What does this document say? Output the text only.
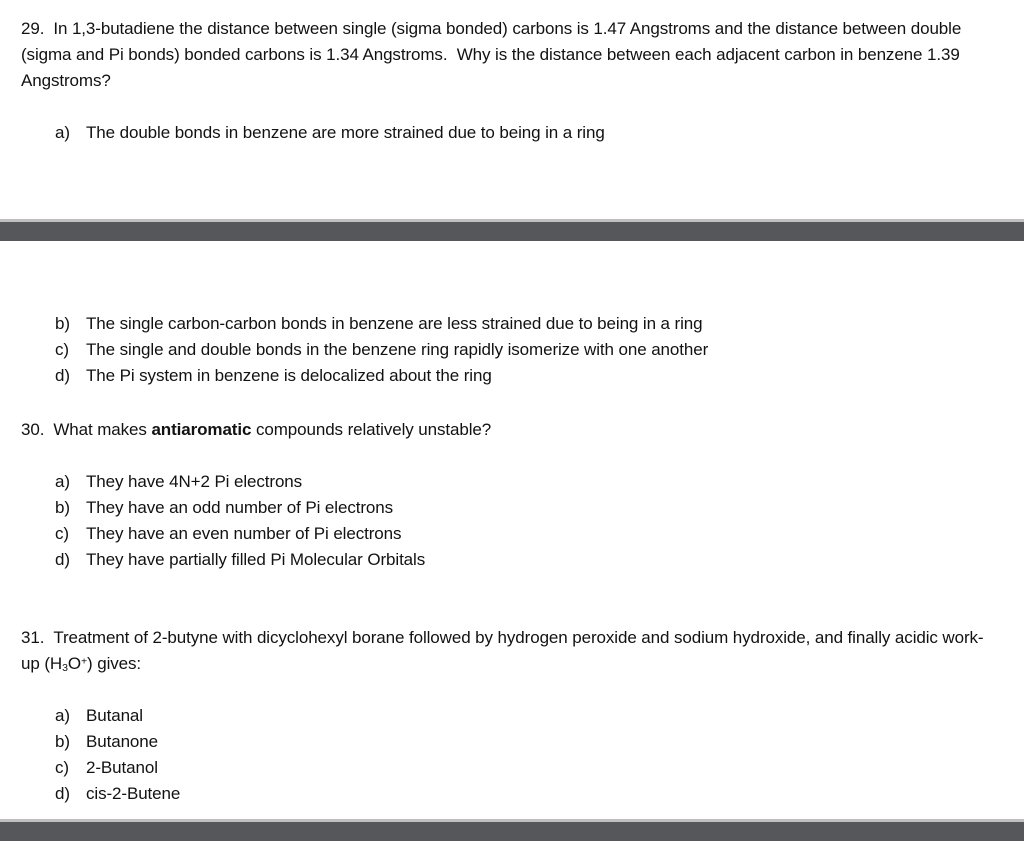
29. In 1,3-butadiene the distance between single (sigma bonded) carbons is 1.47 Angstroms and the distance between double (sigma and Pi bonds) bonded carbons is 1.34 Angstroms.  Why is the distance between each adjacent carbon in benzene 1.39 Angstroms?

a) The double bonds in benzene are more strained due to being in a ring
b) The single carbon-carbon bonds in benzene are less strained due to being in a ring
c)	The single and double bonds in the benzene ring rapidly isomerize with one another
d) The Pi system in benzene is delocalized about the ring

30. What makes antiaromatic compounds relatively unstable?

a) They have 4N+2 Pi electrons
b) They have an odd number of Pi electrons
c)	They have an even number of Pi electrons
d) They have partially filled Pi Molecular Orbitals

31. Treatment of 2-butyne with dicyclohexyl borane followed by hydrogen peroxide and sodium hydroxide, and finally acidic work-up $(H_3O^+)$ gives:

a) Butanal
b) Butanone
c)	2-Butanol
d) cis-2-Butene
